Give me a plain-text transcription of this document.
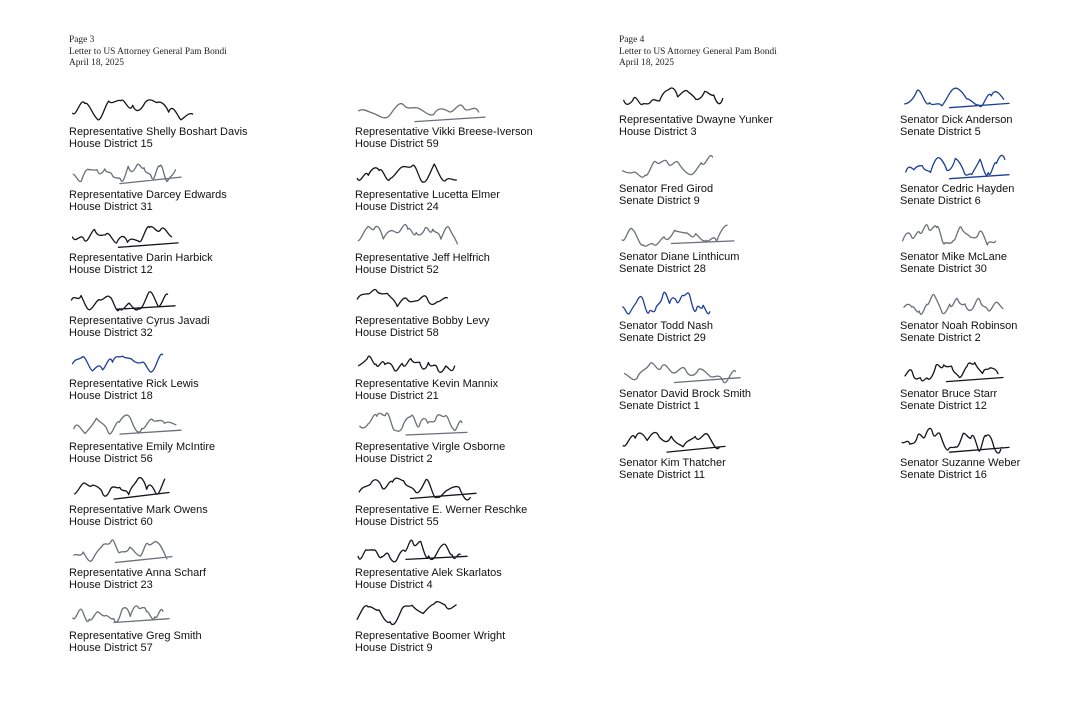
Page 3
Letter to US Attorney General Pam Bondi
April 18, 2025
Representative Shelly Boshart Davis
House District 15
Representative Darcey Edwards
House District 31
Representative Darin Harbick
House District 12
Representative Cyrus Javadi
House District 32
Representative Rick Lewis
House District 18
Representative Emily McIntire
House District 56
Representative Mark Owens
House District 60
Representative Anna Scharf
House District 23
Representative Greg Smith
House District 57
Representative Vikki Breese-Iverson
House District 59
Representative Lucetta Elmer
House District 24
Representative Jeff Helfrich
House District 52
Representative Bobby Levy
House District 58
Representative Kevin Mannix
House District 21
Representative Virgle Osborne
House District 2
Representative E. Werner Reschke
House District 55
Representative Alek Skarlatos
House District 4
Representative Boomer Wright
House District 9
Page 4
Letter to US Attorney General Pam Bondi
April 18, 2025
Representative Dwayne Yunker
House District 3
Senator Fred Girod
Senate District 9
Senator Diane Linthicum
Senate District 28
Senator Todd Nash
Senate District 29
Senator David Brock Smith
Senate District 1
Senator Kim Thatcher
Senate District 11
Senator Dick Anderson
Senate District 5
Senator Cedric Hayden
Senate District 6
Senator Mike McLane
Senate District 30
Senator Noah Robinson
Senate District 2
Senator Bruce Starr
Senate District 12
Senator Suzanne Weber
Senate District 16
